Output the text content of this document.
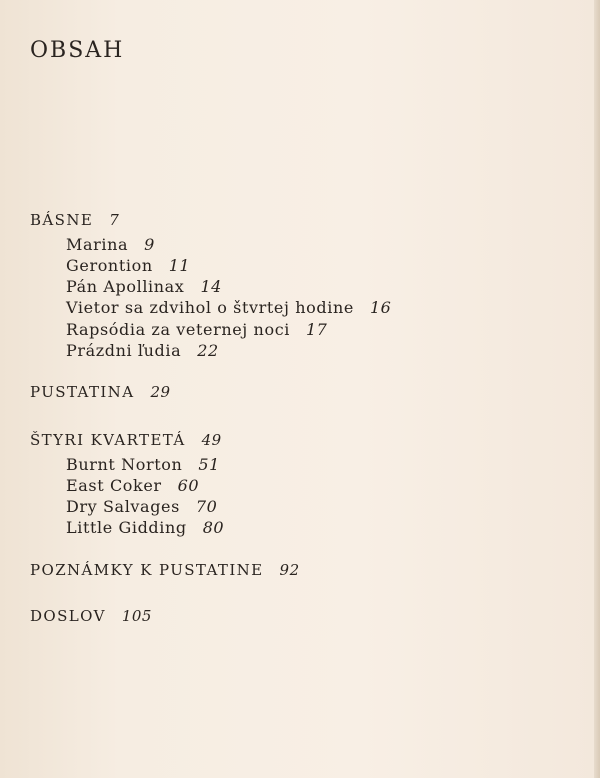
OBSAH
BÁSNE 7
Marina 9
Gerontion 11
Pán Apollinax 14
Vietor sa zdvihol o štvrtej hodine 16
Rapsódia za veternej noci 17
Prázdni ľudia 22
PUSTATINA 29
ŠTYRI KVARTETÁ 49
Burnt Norton 51
East Coker 60
Dry Salvages 70
Little Gidding 80
POZNÁMKY K PUSTATINE 92
DOSLOV 105
